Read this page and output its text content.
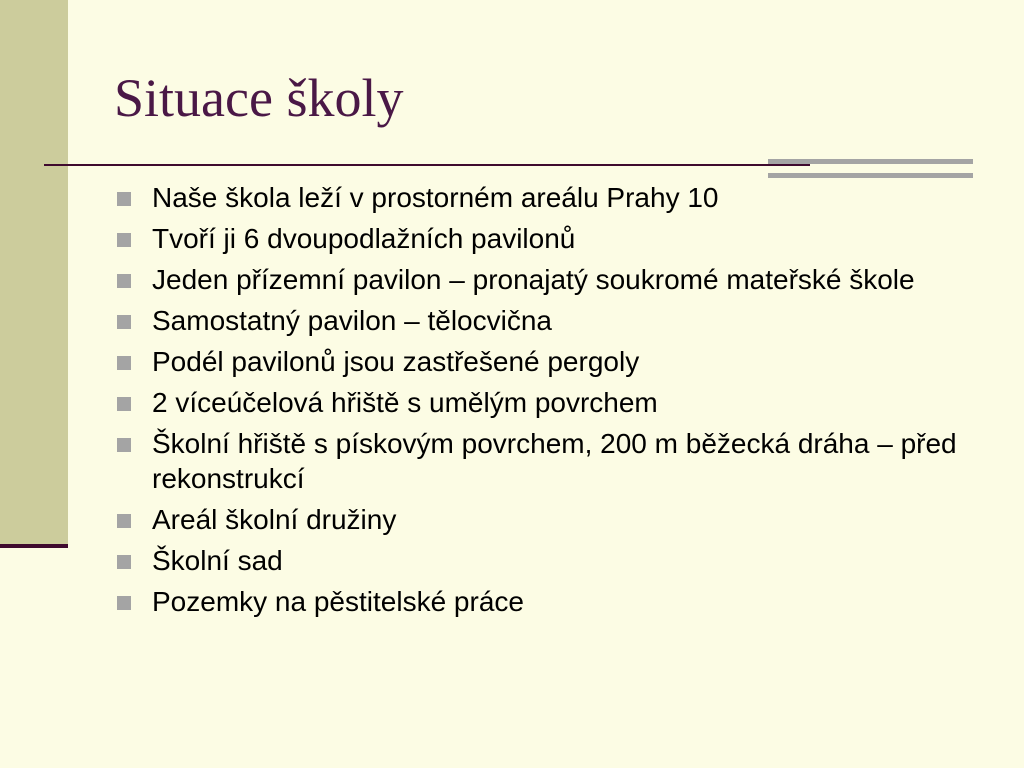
Situace školy
Naše škola leží v prostorném areálu Prahy 10
Tvoří ji 6 dvoupodlažních pavilonů
Jeden přízemní pavilon – pronajatý soukromé mateřské škole
Samostatný pavilon – tělocvična
Podél pavilonů jsou zastřešené pergoly
2 víceúčelová hřiště s umělým povrchem
Školní hřiště s pískovým povrchem, 200 m běžecká dráha – před rekonstrukcí
Areál školní družiny
Školní sad
Pozemky na pěstitelské práce
